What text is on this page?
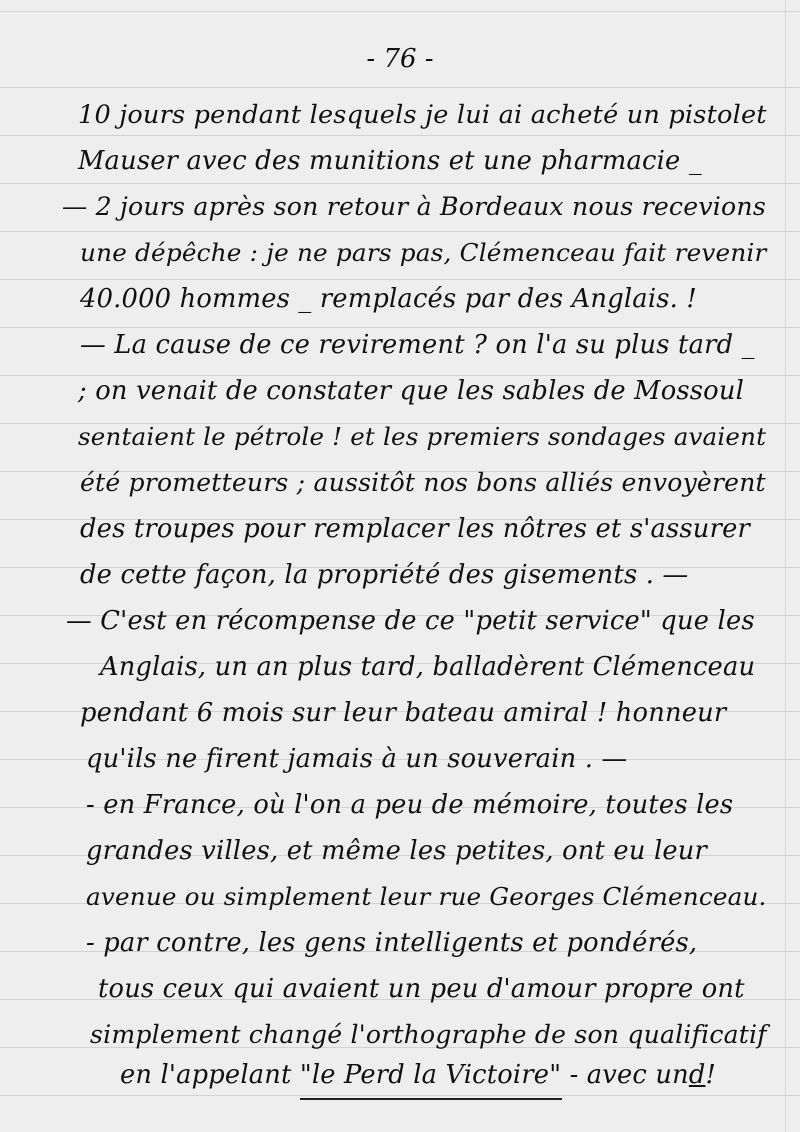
- 76 -
10 jours pendant lesquels je lui ai acheté un pistolet
Mauser avec des munitions et une pharmacie _
— 2 jours après son retour à Bordeaux nous recevions
une dépêche : je ne pars pas, Clémenceau fait revenir
40.000 hommes _ remplacés par des Anglais. !
— La cause de ce revirement ? on l'a su plus tard _
; on venait de constater que les sables de Mossoul
sentaient le pétrole ! et les premiers sondages avaient
été prometteurs ; aussitôt nos bons alliés envoyèrent
des troupes pour remplacer les nôtres et s'assurer
de cette façon, la propriété des gisements . —
— C'est en récompense de ce "petit service" que les
Anglais, un an plus tard, balladèrent Clémenceau
pendant 6 mois sur leur bateau amiral ! honneur
qu'ils ne firent jamais à un souverain . —
- en France, où l'on a peu de mémoire, toutes les
grandes villes, et même les petites, ont eu leur
avenue ou simplement leur rue Georges Clémenceau.
- par contre, les gens intelligents et pondérés,
tous ceux qui avaient un peu d'amour propre ont
simplement changé l'orthographe de son qualificatif
en l'appelant "le Perd la Victoire" - avec und!
